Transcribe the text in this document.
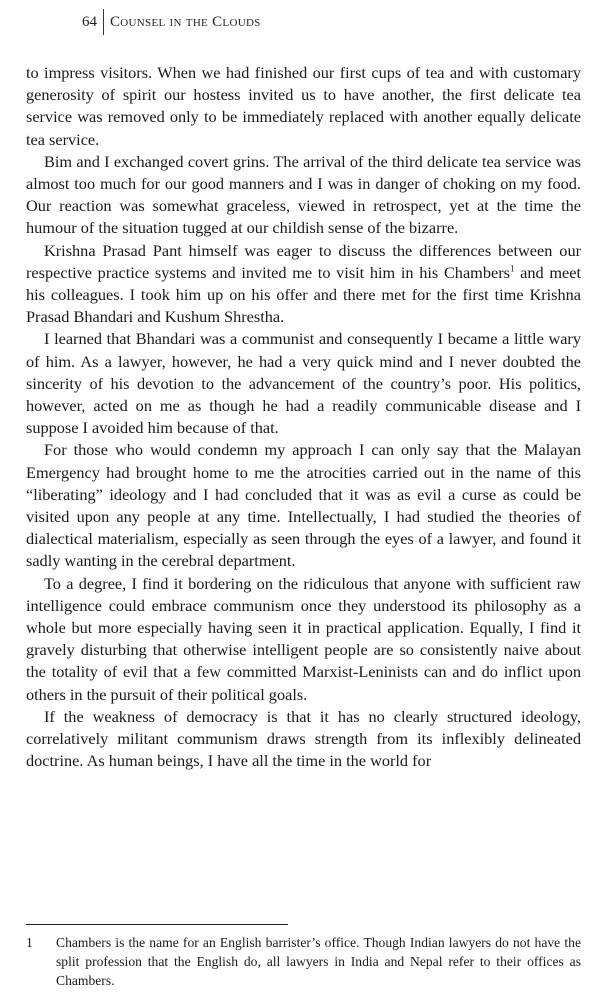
64 Counsel in the Clouds

to impress visitors. When we had finished our first cups of tea and with customary generosity of spirit our hostess invited us to have another, the first delicate tea service was removed only to be immediately replaced with another equally delicate tea service.

Bim and I exchanged covert grins. The arrival of the third delicate tea service was almost too much for our good manners and I was in danger of choking on my food. Our reaction was somewhat graceless, viewed in retrospect, yet at the time the humour of the situation tugged at our childish sense of the bizarre.

Krishna Prasad Pant himself was eager to discuss the differences between our respective practice systems and invited me to visit him in his Chambers$^1$ and meet his colleagues. I took him up on his offer and there met for the first time Krishna Prasad Bhandari and Kushum Shrestha.

I learned that Bhandari was a communist and consequently I became a little wary of him. As a lawyer, however, he had a very quick mind and I never doubted the sincerity of his devotion to the advancement of the country’s poor. His politics, however, acted on me as though he had a readily communicable disease and I suppose I avoided him because of that.

For those who would condemn my approach I can only say that the Malayan Emergency had brought home to me the atrocities carried out in the name of this “liberating” ideology and I had concluded that it was as evil a curse as could be visited upon any people at any time. Intellectually, I had studied the theories of dialectical materialism, especially as seen through the eyes of a lawyer, and found it sadly wanting in the cerebral department.

To a degree, I find it bordering on the ridiculous that anyone with sufficient raw intelligence could embrace communism once they understood its philosophy as a whole but more especially having seen it in practical application. Equally, I find it gravely disturbing that otherwise intelligent people are so consistently naive about the totality of evil that a few committed Marxist-Leninists can and do inflict upon others in the pursuit of their political goals.

If the weakness of democracy is that it has no clearly structured ideology, correlatively militant communism draws strength from its inflexibly delineated doctrine. As human beings, I have all the time in the world for

1	Chambers is the name for an English barrister’s office. Though Indian lawyers do not have the split profession that the English do, all lawyers in India and Nepal refer to their offices as Chambers.
